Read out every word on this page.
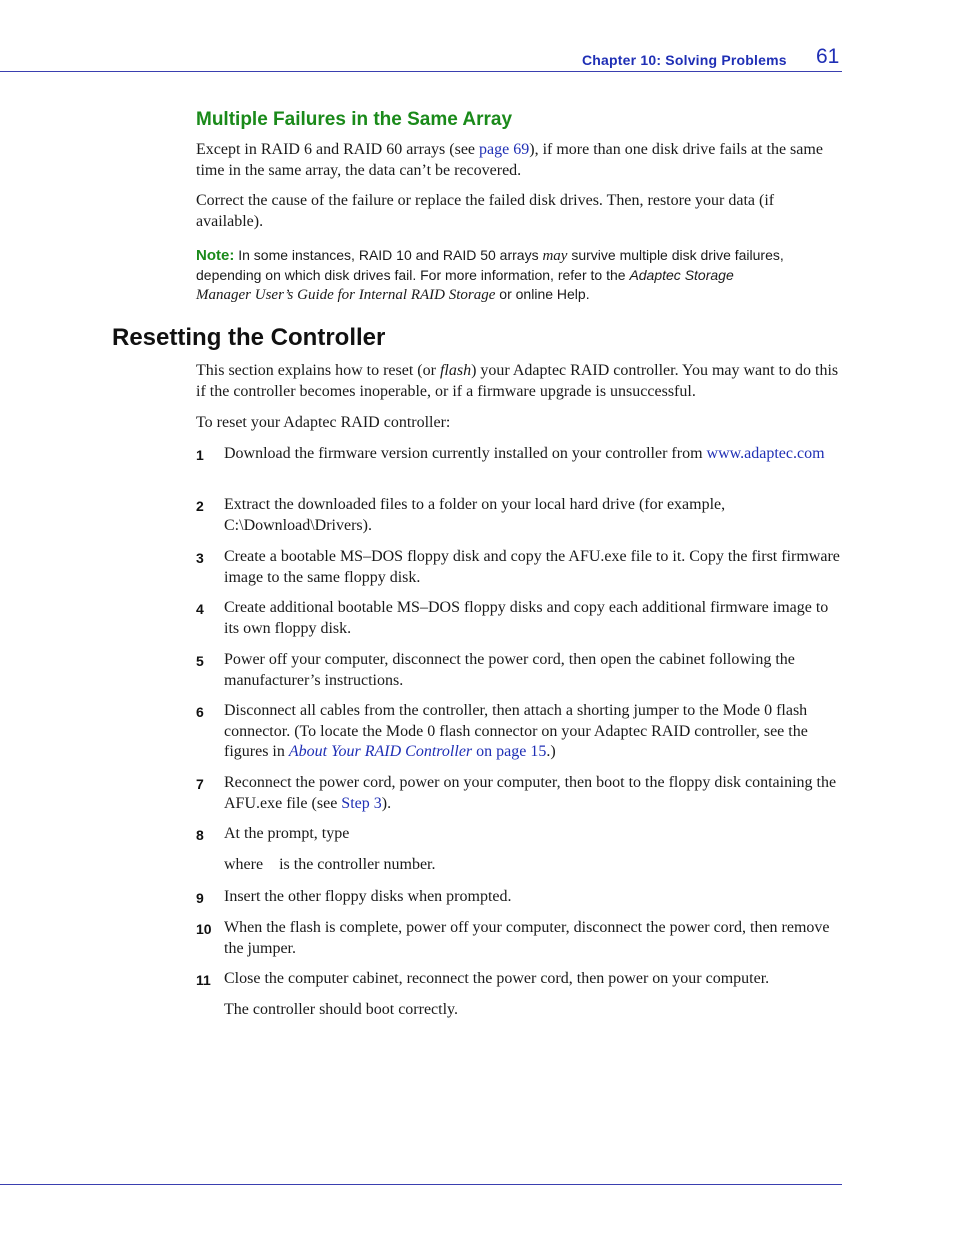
Chapter 10: Solving Problems 61
Multiple Failures in the Same Array

Except in RAID 6 and RAID 60 arrays (see page 69), if more than one disk drive fails at the same time in the same array, the data can’t be recovered.

Correct the cause of the failure or replace the failed disk drives. Then, restore your data (if available).

Note: In some instances, RAID 10 and RAID 50 arrays may survive multiple disk drive failures, depending on which disk drives fail. For more information, refer to the Adaptec Storage
Manager User’s Guide for Internal RAID Storage or online Help.

Resetting the Controller

This section explains how to reset (or flash) your Adaptec RAID controller. You may want to do this if the controller becomes inoperable, or if a firmware upgrade is unsuccessful.

To reset your Adaptec RAID controller:

1 Download the firmware version currently installed on your controller from www.adaptec.com

2 Extract the downloaded files to a folder on your local hard drive (for example, C:\Download\Drivers).

3 Create a bootable MS–DOS floppy disk and copy the AFU.exe file to it. Copy the first firmware image to the same floppy disk.

4 Create additional bootable MS–DOS floppy disks and copy each additional firmware image to its own floppy disk.

5 Power off your computer, disconnect the power cord, then open the cabinet following the manufacturer’s instructions.

6 Disconnect all cables from the controller, then attach a shorting jumper to the Mode 0 flash connector. (To locate the Mode 0 flash connector on your Adaptec RAID controller, see the figures in About Your RAID Controller on page 15.)

7 Reconnect the power cord, power on your computer, then boot to the floppy disk containing the AFU.exe file (see Step 3).

8 At the prompt, type

where    is the controller number.

9 Insert the other floppy disks when prompted.

10 When the flash is complete, power off your computer, disconnect the power cord, then remove the jumper.

11 Close the computer cabinet, reconnect the power cord, then power on your computer.

The controller should boot correctly.
